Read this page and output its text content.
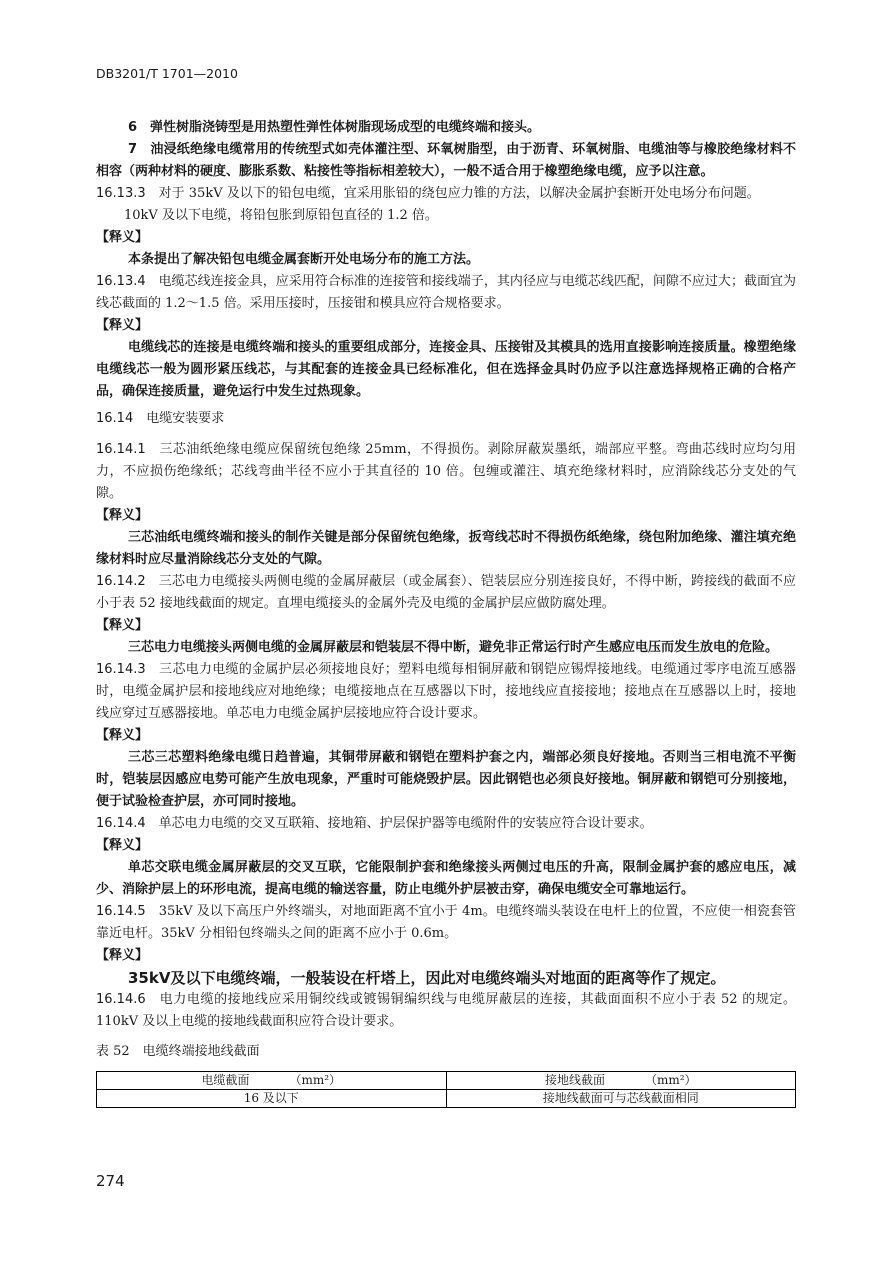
DB3201/T 1701—2010

6　弹性树脂浇铸型是用热塑性弹性体树脂现场成型的电缆终端和接头。

7　油浸纸绝缘电缆常用的传统型式如壳体灌注型、环氧树脂型，由于沥青、环氧树脂、电缆油等与橡胶绝缘材料不相容（两种材料的硬度、膨胀系数、粘接性等指标相差较大），一般不适合用于橡塑绝缘电缆，应予以注意。

16.13.3　 对于 35kV 及以下的铅包电缆，宜采用胀铅的绕包应力锥的方法，以解决金属护套断开处电场分布问题。

10kV 及以下电缆，将铅包胀到原铅包直径的 1.2 倍。

【释义】

本条提出了解决铅包电缆金属套断开处电场分布的施工方法。

16.13.4　 电缆芯线连接金具，应采用符合标准的连接管和接线端子，其内径应与电缆芯线匹配，间隙不应过大；截面宜为线芯截面的 1.2～1.5 倍。采用压接时，压接钳和模具应符合规格要求。

【释义】

电缆线芯的连接是电缆终端和接头的重要组成部分，连接金具、压接钳及其模具的选用直接影响连接质量。橡塑绝缘电缆线芯一般为圆形紧压线芯，与其配套的连接金具已经标准化，但在选择金具时仍应予以注意选择规格正确的合格产品，确保连接质量，避免运行中发生过热现象。

16.14　电缆安装要求

16.14.1　 三芯油纸绝缘电缆应保留统包绝缘 25mm，不得损伤。剥除屏蔽炭墨纸，端部应平整。弯曲芯线时应均匀用力，不应损伤绝缘纸；芯线弯曲半径不应小于其直径的 10 倍。包缠或灌注、填充绝缘材料时，应消除线芯分支处的气隙。

【释义】

三芯油纸电缆终端和接头的制作关键是部分保留统包绝缘，扳弯线芯时不得损伤纸绝缘，绕包附加绝缘、灌注填充绝缘材料时应尽量消除线芯分支处的气隙。

16.14.2　 三芯电力电缆接头两侧电缆的金属屏蔽层（或金属套）、铠装层应分别连接良好，不得中断，跨接线的截面不应小于表 52 接地线截面的规定。直埋电缆接头的金属外壳及电缆的金属护层应做防腐处理。

【释义】

三芯电力电缆接头两侧电缆的金属屏蔽层和铠装层不得中断，避免非正常运行时产生感应电压而发生放电的危险。

16.14.3　 三芯电力电缆的金属护层必须接地良好；塑料电缆每相铜屏蔽和钢铠应锡焊接地线。电缆通过零序电流互感器时，电缆金属护层和接地线应对地绝缘；电缆接地点在互感器以下时，接地线应直接接地；接地点在互感器以上时，接地线应穿过互感器接地。单芯电力电缆金属护层接地应符合设计要求。

【释义】

三芯三芯塑料绝缘电缆日趋普遍，其铜带屏蔽和钢铠在塑料护套之内，端部必须良好接地。否则当三相电流不平衡时，铠装层因感应电势可能产生放电现象，严重时可能烧毁护层。因此钢铠也必须良好接地。铜屏蔽和钢铠可分别接地，便于试验检查护层，亦可同时接地。

16.14.4　 单芯电力电缆的交叉互联箱、接地箱、护层保护器等电缆附件的安装应符合设计要求。

【释义】

单芯交联电缆金属屏蔽层的交叉互联，它能限制护套和绝缘接头两侧过电压的升高，限制金属护套的感应电压，减少、消除护层上的环形电流，提高电缆的输送容量，防止电缆外护层被击穿，确保电缆安全可靠地运行。

16.14.5　 35kV 及以下高压户外终端头，对地面距离不宜小于 4m。电缆终端头装设在电杆上的位置，不应使一相瓷套管靠近电杆。35kV 分相铅包终端头之间的距离不应小于 0.6m。

【释义】

35kV及以下电缆终端，一般装设在杆塔上，因此对电缆终端头对地面的距离等作了规定。

16.14.6　 电力电缆的接地线应采用铜绞线或镀锡铜编织线与电缆屏蔽层的连接，其截面面积不应小于表 52 的规定。110kV 及以上电缆的接地线截面积应符合设计要求。

表 52　电缆终端接地线截面

电缆截面 （mm²）	接地线截面 （mm²）
16 及以下	接地线截面可与芯线截面相同
274
